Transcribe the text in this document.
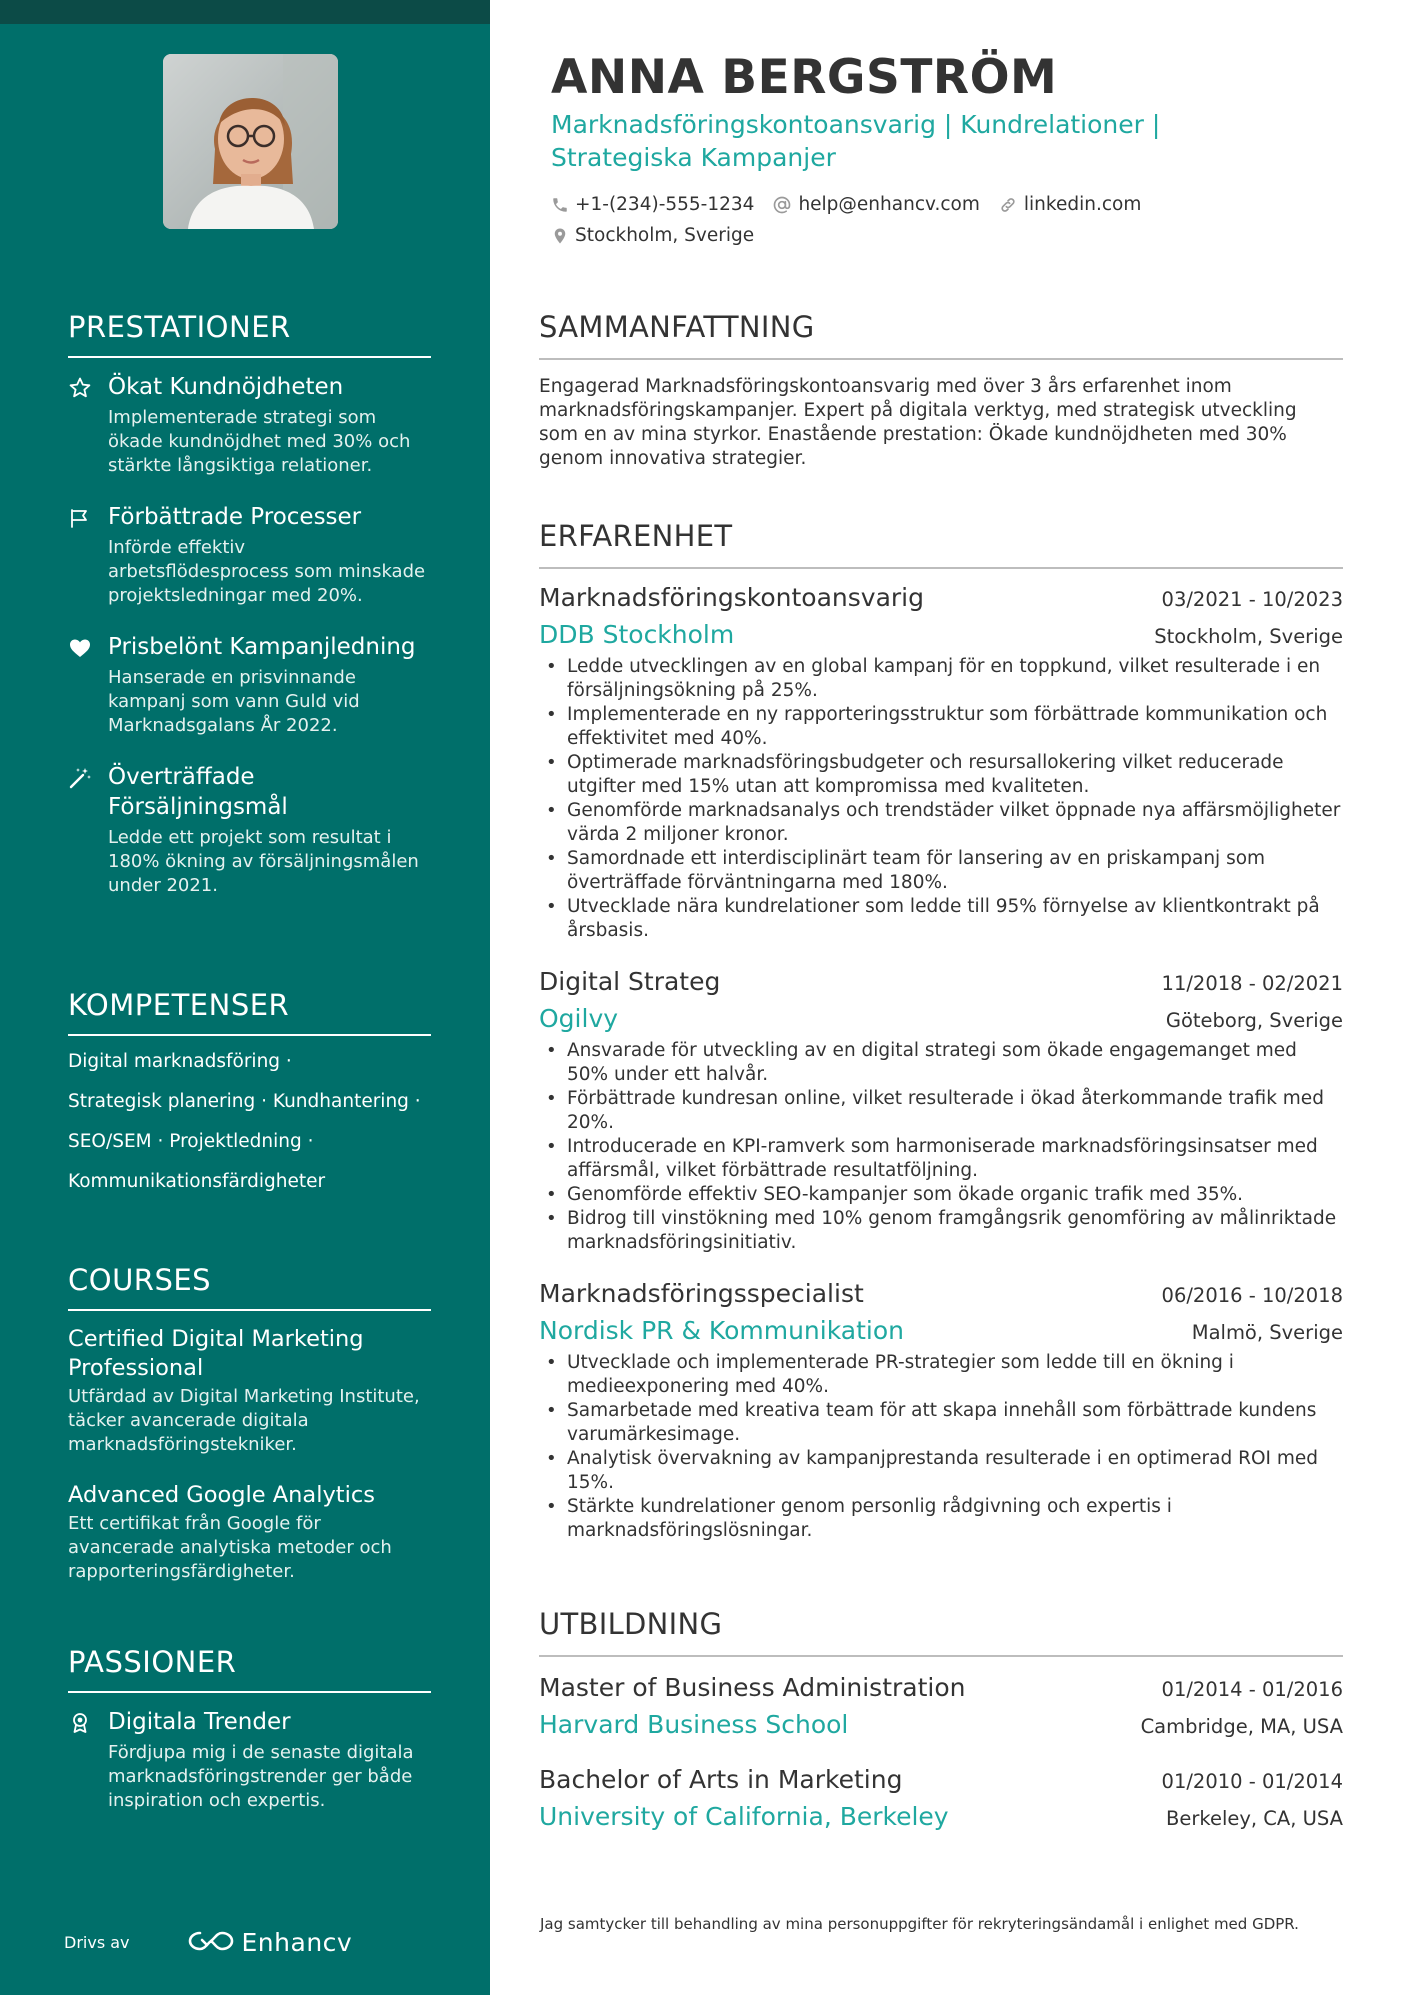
PRESTATIONER
Ökat Kundnöjdheten
Implementerade strategi som ökade kundnöjdhet med 30% och stärkte långsiktiga relationer.
Förbättrade Processer
Införde effektiv arbetsflödesprocess som minskade projektsledningar med 20%.
Prisbelönt Kampanjledning
Hanserade en prisvinnande kampanj som vann Guld vid Marknadsgalans År 2022.
Överträffade Försäljningsmål
Ledde ett projekt som resultat i 180% ökning av försäljningsmålen under 2021.
KOMPETENSER
Digital marknadsföring ·
Strategisk planering · Kundhantering ·
SEO/SEM · Projektledning ·
Kommunikationsfärdigheter
COURSES
Certified Digital Marketing Professional
Utfärdad av Digital Marketing Institute, täcker avancerade digitala marknadsföringstekniker.
Advanced Google Analytics
Ett certifikat från Google för avancerade analytiska metoder och rapporteringsfärdigheter.
PASSIONER
Digitala Trender
Fördjupa mig i de senaste digitala marknadsföringstrender ger både inspiration och expertis.
Drivs av	Enhancv
ANNA BERGSTRÖM
Marknadsföringskontoansvarig | Kundrelationer | Strategiska Kampanjer
+1-(234)-555-1234 help@enhancv.com linkedin.com
Stockholm, Sverige
SAMMANFATTNING

Engagerad Marknadsföringskontoansvarig med över 3 års erfarenhet inom marknadsföringskampanjer. Expert på digitala verktyg, med strategisk utveckling som en av mina styrkor. Enastående prestation: Ökade kundnöjdheten med 30% genom innovativa strategier.

ERFARENHET
Marknadsföringskontoansvarig	03/2021 - 10/2023
DDB Stockholm	Stockholm, Sverige
• Ledde utvecklingen av en global kampanj för en toppkund, vilket resulterade i en försäljningsökning på 25%.
• Implementerade en ny rapporteringsstruktur som förbättrade kommunikation och effektivitet med 40%.
• Optimerade marknadsföringsbudgeter och resursallokering vilket reducerade utgifter med 15% utan att kompromissa med kvaliteten.
• Genomförde marknadsanalys och trendstäder vilket öppnade nya affärsmöjligheter värda 2 miljoner kronor.
• Samordnade ett interdisciplinärt team för lansering av en priskampanj som överträffade förväntningarna med 180%.
• Utvecklade nära kundrelationer som ledde till 95% förnyelse av klientkontrakt på årsbasis.
Digital Strateg	11/2018 - 02/2021
Ogilvy	Göteborg, Sverige
• Ansvarade för utveckling av en digital strategi som ökade engagemanget med 50% under ett halvår.
• Förbättrade kundresan online, vilket resulterade i ökad återkommande trafik med 20%.
• Introducerade en KPI-ramverk som harmoniserade marknadsföringsinsatser med affärsmål, vilket förbättrade resultatföljning.
• Genomförde effektiv SEO-kampanjer som ökade organic trafik med 35%.
• Bidrog till vinstökning med 10% genom framgångsrik genomföring av målinriktade marknadsföringsinitiativ.
Marknadsföringsspecialist	06/2016 - 10/2018
Nordisk PR & Kommunikation	Malmö, Sverige
• Utvecklade och implementerade PR-strategier som ledde till en ökning i medieexponering med 40%.
• Samarbetade med kreativa team för att skapa innehåll som förbättrade kundens varumärkesimage.
• Analytisk övervakning av kampanjprestanda resulterade i en optimerad ROI med 15%.
• Stärkte kundrelationer genom personlig rådgivning och expertis i marknadsföringslösningar.
UTBILDNING
Master of Business Administration	01/2014 - 01/2016
Harvard Business School	Cambridge, MA, USA
Bachelor of Arts in Marketing	01/2010 - 01/2014
University of California, Berkeley	Berkeley, CA, USA

Jag samtycker till behandling av mina personuppgifter för rekryteringsändamål i enlighet med GDPR.
